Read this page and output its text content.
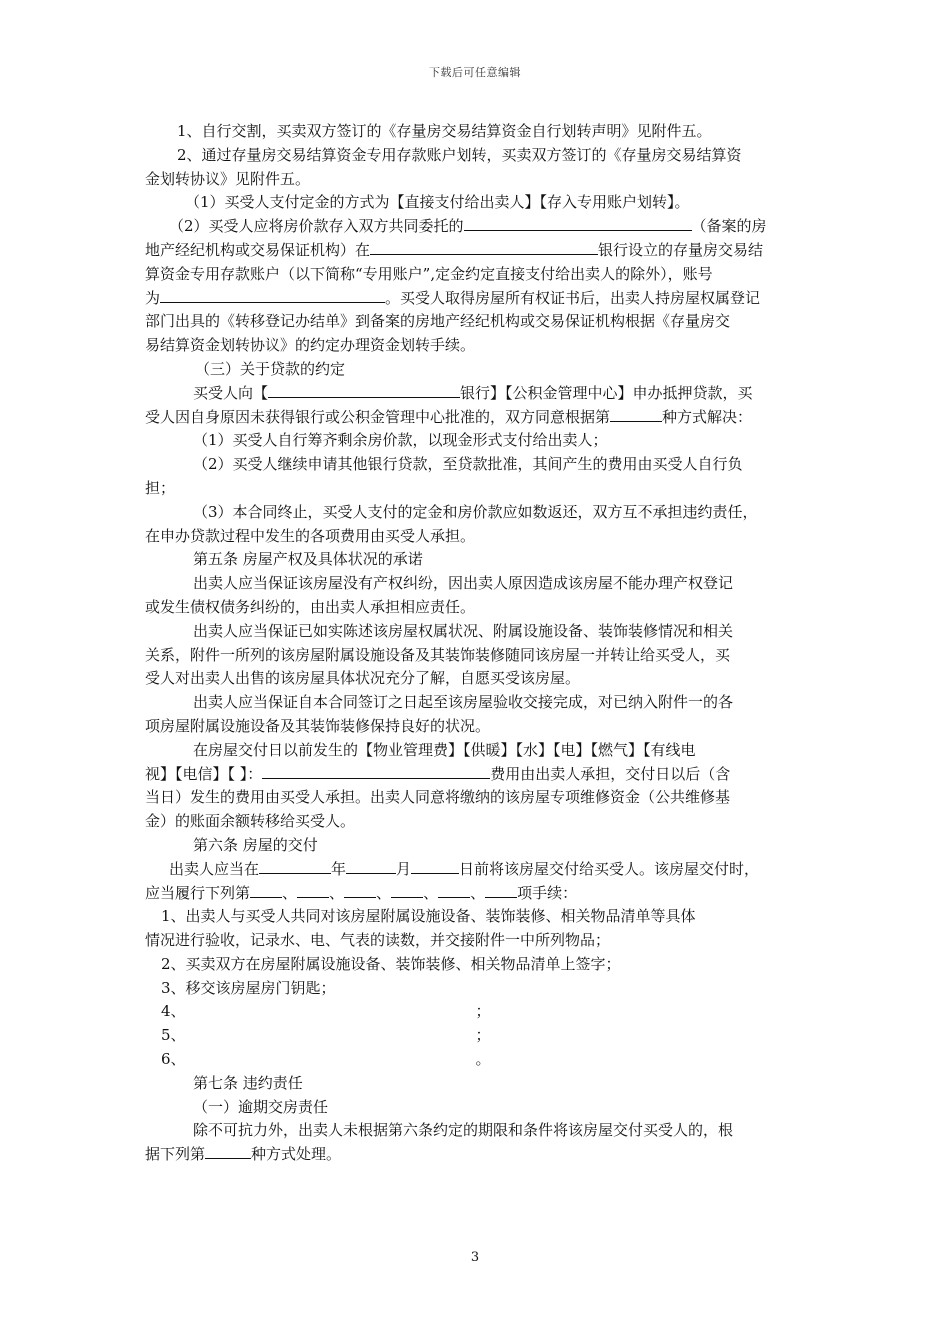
下载后可任意编辑
1、自行交割，买卖双方签订的《存量房交易结算资金自行划转声明》见附件五。
2、通过存量房交易结算资金专用存款账户划转，买卖双方签订的《存量房交易结算资
金划转协议》见附件五。
（1）买受人支付定金的方式为【直接支付给出卖人】【存入专用账户划转】。
（2）买受人应将房价款存入双方共同委托的	（备案的房
地产经纪机构或交易保证机构）在	银行设立的存量房交易结
算资金专用存款账户（以下简称“专用账户”,定金约定直接支付给出卖人的除外），账号
为	。买受人取得房屋所有权证书后，出卖人持房屋权属登记
部门出具的《转移登记办结单》到备案的房地产经纪机构或交易保证机构根据《存量房交
易结算资金划转协议》的约定办理资金划转手续。
（三）关于贷款的约定
买受人向【	银行】【公积金管理中心】申办抵押贷款，买
受人因自身原因未获得银行或公积金管理中心批准的，双方同意根据第	种方式解决：
（1）买受人自行筹齐剩余房价款，以现金形式支付给出卖人；
（2）买受人继续申请其他银行贷款，至贷款批准，其间产生的费用由买受人自行负
担；
（3）本合同终止，买受人支付的定金和房价款应如数返还，双方互不承担违约责任，
在申办贷款过程中发生的各项费用由买受人承担。
第五条 房屋产权及具体状况的承诺
出卖人应当保证该房屋没有产权纠纷，因出卖人原因造成该房屋不能办理产权登记
或发生债权债务纠纷的，由出卖人承担相应责任。
出卖人应当保证已如实陈述该房屋权属状况、附属设施设备、装饰装修情况和相关
关系，附件一所列的该房屋附属设施设备及其装饰装修随同该房屋一并转让给买受人，买
受人对出卖人出售的该房屋具体状况充分了解，自愿买受该房屋。
出卖人应当保证自本合同签订之日起至该房屋验收交接完成，对已纳入附件一的各
项房屋附属设施设备及其装饰装修保持良好的状况。
在房屋交付日以前发生的【物业管理费】【供暖】【水】【电】【燃气】【有线电
视】【电信】【 】：	费用由出卖人承担，交付日以后（含
当日）发生的费用由买受人承担。出卖人同意将缴纳的该房屋专项维修资金（公共维修基
金）的账面余额转移给买受人。
第六条 房屋的交付
出卖人应当在	年	月	日前将该房屋交付给买受人。该房屋交付时，
应当履行下列第 、 、 、 、 、 项手续：
1、出卖人与买受人共同对该房屋附属设施设备、装饰装修、相关物品清单等具体
情况进行验收，记录水、电、气表的读数，并交接附件一中所列物品；
2、买卖双方在房屋附属设施设备、装饰装修、相关物品清单上签字；
3、移交该房屋房门钥匙；
4、	；
5、	；
6、	。
第七条 违约责任
（一）逾期交房责任
除不可抗力外，出卖人未根据第六条约定的期限和条件将该房屋交付买受人的，根
据下列第	种方式处理。
3
